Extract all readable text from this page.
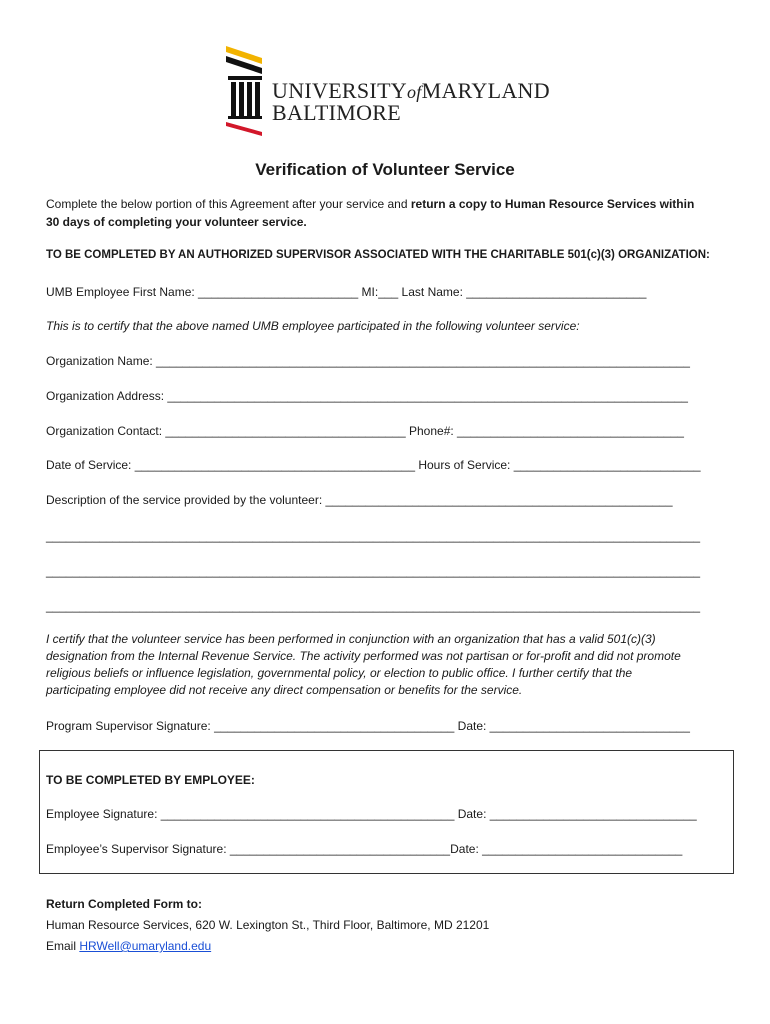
UNIVERSITYofMARYLAND
BALTIMORE
Verification of Volunteer Service
Complete the below portion of this Agreement after your service and return a copy to Human Resource Services within
30 days of completing your volunteer service.
TO BE COMPLETED BY AN AUTHORIZED SUPERVISOR ASSOCIATED WITH THE CHARITABLE 501(c)(3) ORGANIZATION:
UMB Employee First Name: ________________________ MI:___ Last Name: ___________________________
This is to certify that the above named UMB employee participated in the following volunteer service:
Organization Name: ________________________________________________________________________________
Organization Address: ______________________________________________________________________________
Organization Contact: ____________________________________ Phone#: __________________________________
Date of Service: __________________________________________ Hours of Service: ____________________________
Description of the service provided by the volunteer: ____________________________________________________
__________________________________________________________________________________________________
__________________________________________________________________________________________________
__________________________________________________________________________________________________
I certify that the volunteer service has been performed in conjunction with an organization that has a valid 501(c)(3)
designation from the Internal Revenue Service. The activity performed was not partisan or for-profit and did not promote
religious beliefs or influence legislation, governmental policy, or election to public office. I further certify that the
participating employee did not receive any direct compensation or benefits for the service.
Program Supervisor Signature: ____________________________________ Date: ______________________________
TO BE COMPLETED BY EMPLOYEE:
Employee Signature: ____________________________________________ Date: _______________________________
Employee’s Supervisor Signature: _________________________________Date: ______________________________
Return Completed Form to:
Human Resource Services, 620 W. Lexington St., Third Floor, Baltimore, MD 21201
Email HRWell@umaryland.edu
